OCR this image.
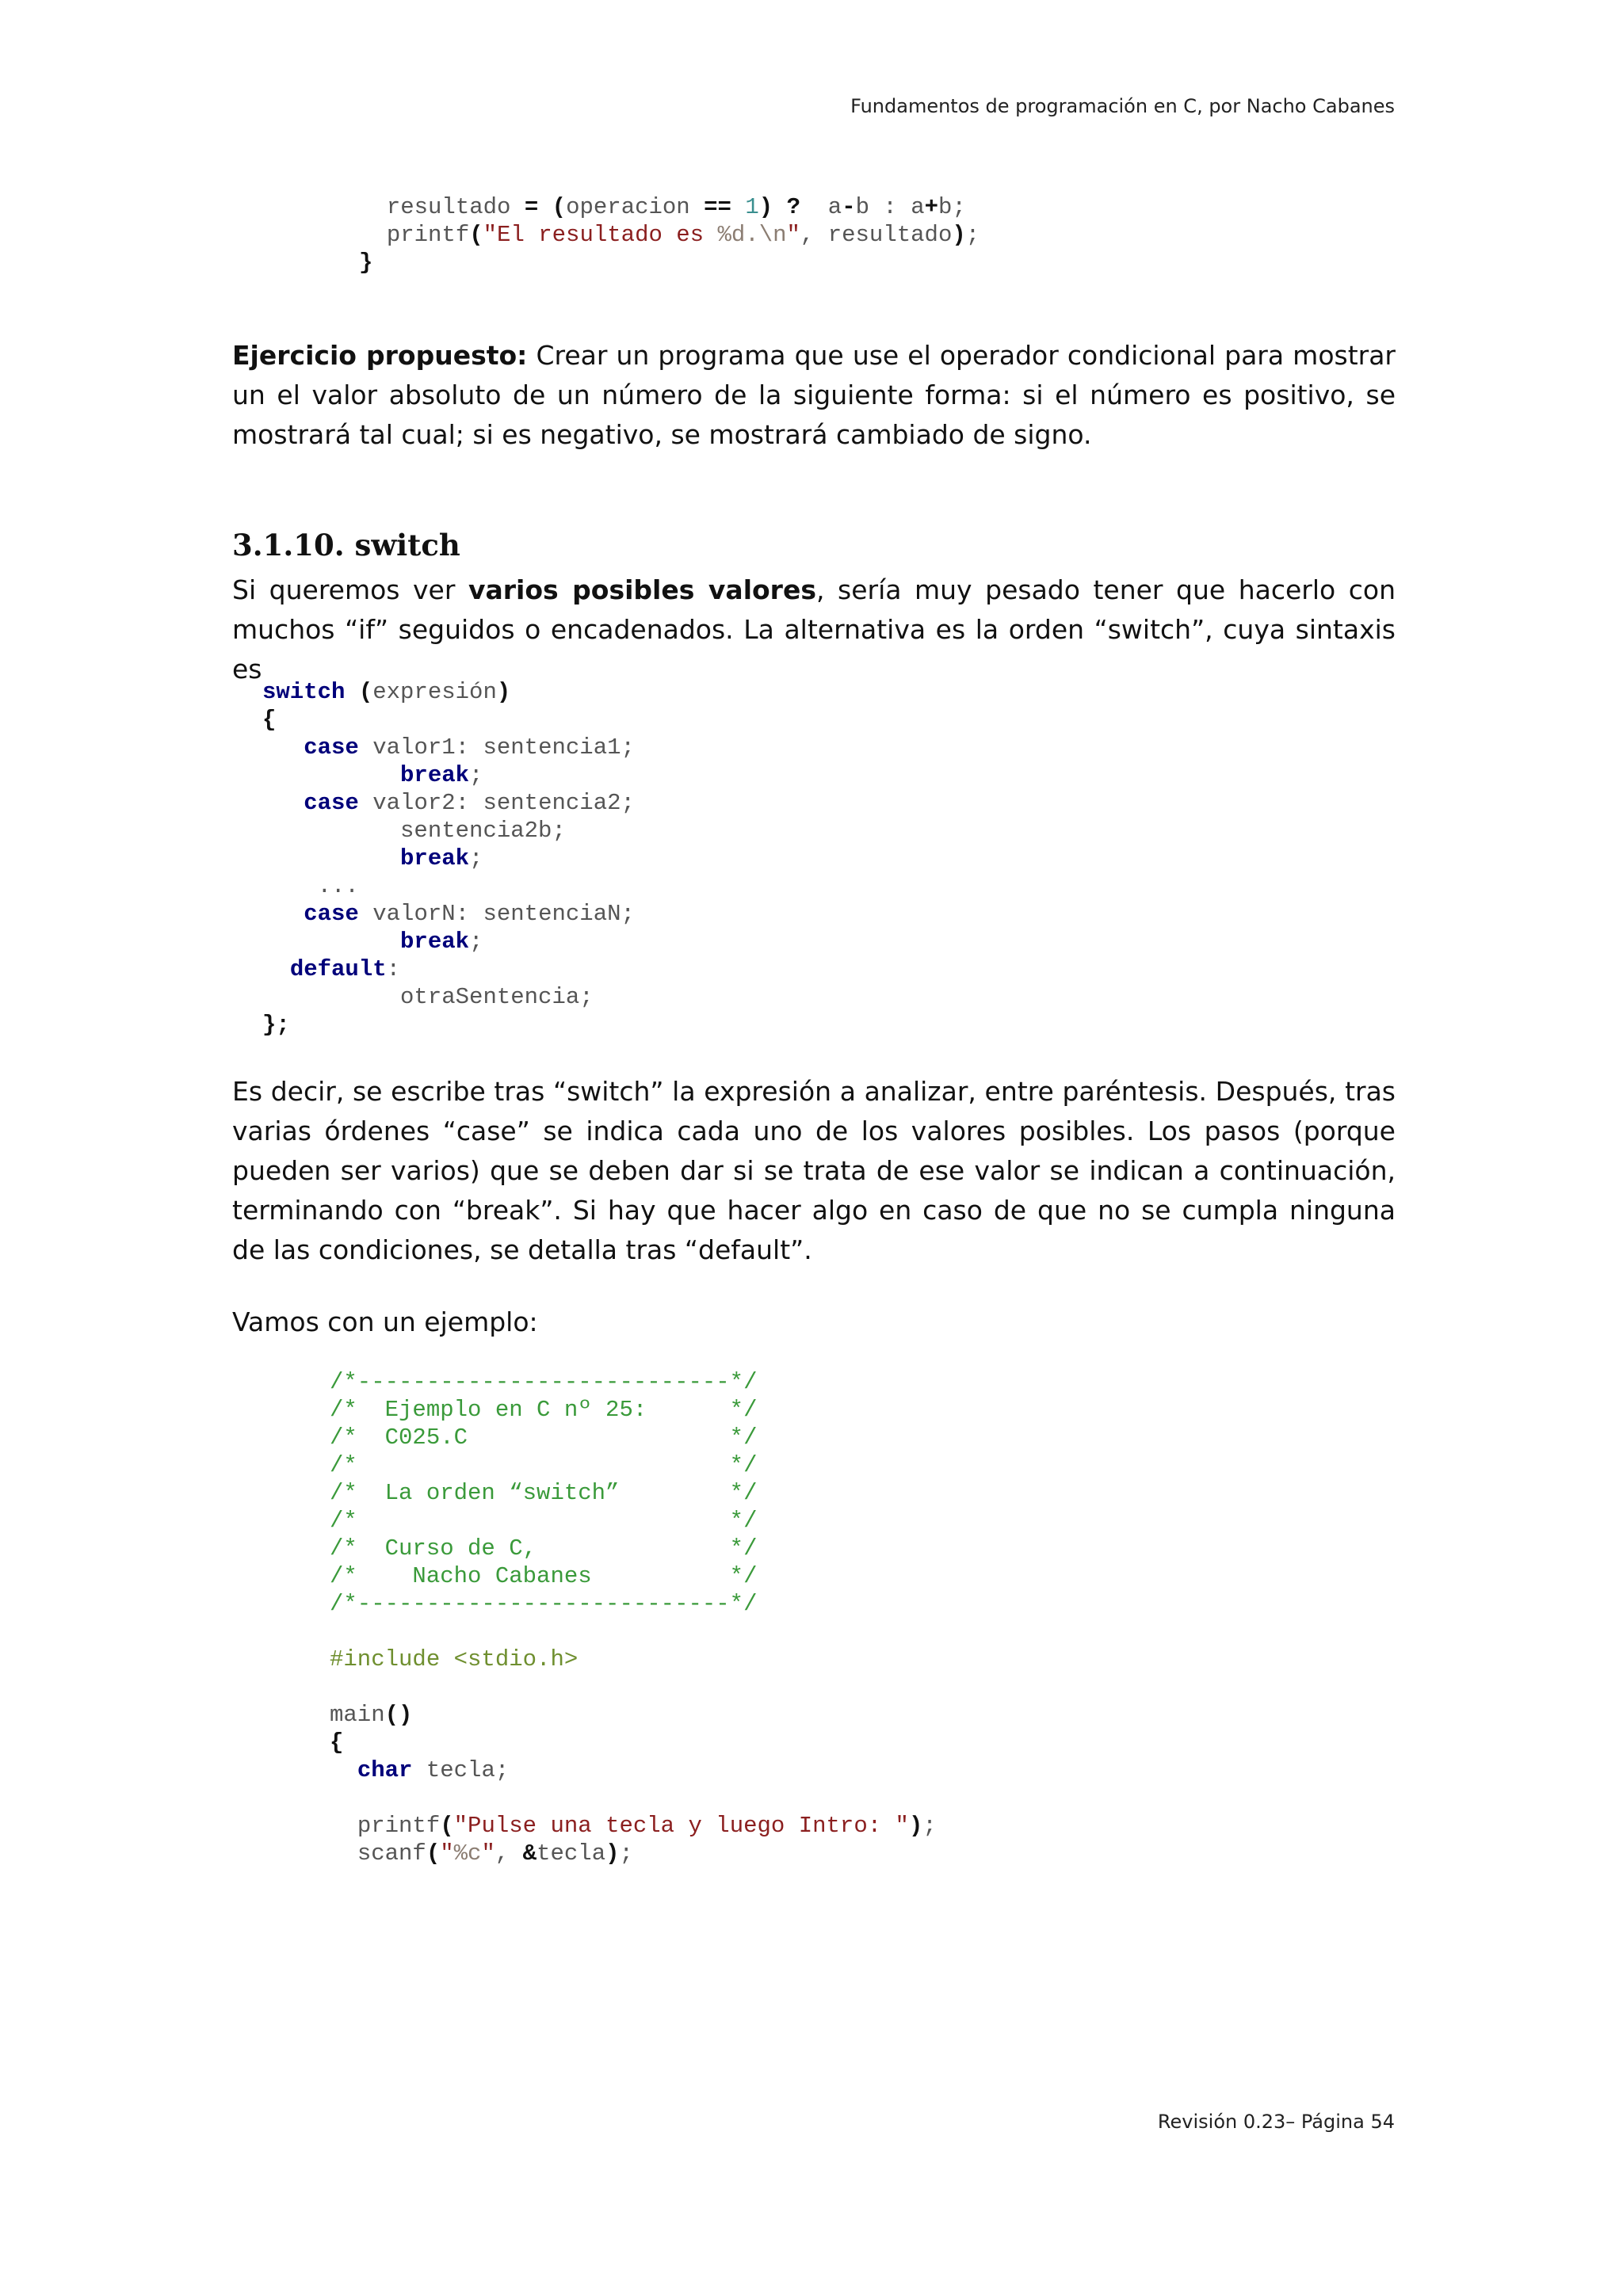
Fundamentos de programación en C, por Nacho Cabanes
resultado = (operacion == 1) ? a-b : a+b;
printf("El resultado es %d.\n", resultado);
}

Ejercicio propuesto: Crear un programa que use el operador condicional para mostrar un el valor absoluto de un número de la siguiente forma: si el número es positivo, se mostrará tal cual; si es negativo, se mostrará cambiado de signo.

3.1.10. switch

Si queremos ver varios posibles valores, sería muy pesado tener que hacerlo con muchos “if” seguidos o encadenados. La alternativa es la orden “switch”, cuya sintaxis es

switch (expresión)
{
case valor1: sentencia1;
break;
case valor2: sentencia2;
sentencia2b;
break;
...
case valorN: sentenciaN;
break;
default:
otraSentencia;
};

Es decir, se escribe tras “switch” la expresión a analizar, entre paréntesis. Después, tras varias órdenes “case” se indica cada uno de los valores posibles. Los pasos (porque pueden ser varios) que se deben dar si se trata de ese valor se indican a continuación, terminando con “break”. Si hay que hacer algo en caso de que no se cumpla ninguna de las condiciones, se detalla tras “default”.

Vamos con un ejemplo:

/*---------------------------*/
/*  Ejemplo en C nº 25:      */
/*  C025.C                   */
/*                           */
/*  La orden “switch”        */
/*                           */
/*  Curso de C,              */
/*    Nacho Cabanes          */
/*---------------------------*/

#include <stdio.h>

main()
{
char tecla;

printf("Pulse una tecla y luego Intro: ");
scanf("%c", &tecla);
Revisión 0.23– Página 54
